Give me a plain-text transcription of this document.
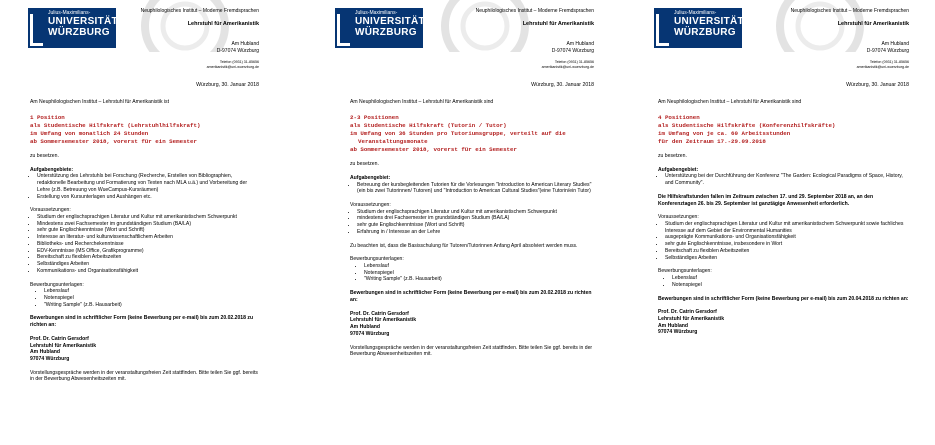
Julius-Maximilians-
UNIVERSITÄT
WÜRZBURG
Neuphilologisches Institut – Moderne Fremdsprachen
Lehrstuhl für Amerikanistik
Am Hubland
D-97074 Würzburg
Telefon (0931) 31-85656
amerikanistik@uni-wuerzburg.de
Würzburg, 30. Januar 2018
Am Neuphilologischen Institut – Lehrstuhl für Amerikanistik ist
1 Position
als Studentische Hilfskraft (Lehrstuhlhilfskraft)
im Umfang von monatlich 24 Stunden
ab Sommersemester 2018, vorerst für ein Semester
zu besetzen.
Aufgabengebiete:
• Unterstützung des Lehrstuhls bei Forschung (Recherche, Erstellen von Bibliographien, redaktionelle Bearbeitung und Formatierung von Texten nach MLA u.ä.) und Vorbereitung der Lehre (z.B. Betreuung von WueCampus-Kursräumen)
• Erstellung von Kursunterlagen und Aushängen etc.
Voraussetzungen:
• Studium der englischsprachigen Literatur und Kultur mit amerikanistischem Schwerpunkt
• Mindestens zwei Fachsemester im grundständigen Studium (BA/LA)
• sehr gute Englischkenntnisse (Wort und Schrift)
• Interesse an literatur- und kulturwissenschaftlichem Arbeiten
• Bibliotheks- und Recherchekenntnisse
• EDV-Kenntnisse (MS Office, Grafikprogramme)
• Bereitschaft zu flexiblen Arbeitszeiten
• Selbständiges Arbeiten
• Kommunikations- und Organisationsfähigkeit
Bewerbungsunterlagen:
• Lebenslauf
• Notenspiegel
• "Writing Sample" (z.B. Hausarbeit)
Bewerbungen sind in schriftlicher Form (keine Bewerbung per e-mail) bis zum 20.02.2018 zu richten an:
Prof. Dr. Catrin Gersdorf
Lehrstuhl für Amerikanistik
Am Hubland
97074 Würzburg
Vorstellungsgespräche werden in der veranstaltungsfreien Zeit stattfinden. Bitte teilen Sie ggf. bereits in der Bewerbung Abwesenheitszeiten mit.
Julius-Maximilians-
UNIVERSITÄT
WÜRZBURG
Neuphilologisches Institut – Moderne Fremdsprachen
Lehrstuhl für Amerikanistik
Am Hubland
D-97074 Würzburg
Telefon (0931) 31-85656
amerikanistik@uni-wuerzburg.de
Würzburg, 30. Januar 2018
Am Neuphilologischen Institut – Lehrstuhl für Amerikanistik sind
2-3 Positionen
als Studentische Hilfskraft (Tutorin / Tutor)
im Umfang von 36 Stunden pro Tutoriumsgruppe, verteilt auf die
Veranstaltungsmonate
ab Sommersemester 2018, vorerst für ein Semester
zu besetzen.
Aufgabengebiet:
• Betreuung der kursbegleitenden Tutorien für die Vorlesungen "Introduction to American Literary Studies" (ein bis zwei Tutorinnen/ Tutoren) und "Introduction to American Cultural Studies"(eine Tutorin/ein Tutor)
Voraussetzungen:
• Studium der englischsprachigen Literatur und Kultur mit amerikanistischem Schwerpunkt
• mindestens drei Fachsemester im grundständigen Studium (BA/LA)
• sehr gute Englischkenntnisse (Wort und Schrift)
• Erfahrung in / Interesse an der Lehre
Zu beachten ist, dass die Basisschulung für Tutoren/Tutorinnen Anfang April absolviert werden muss.
Bewerbungsunterlagen:
• Lebenslauf
• Notenspiegel
• "Writing Sample" (z.B. Hausarbeit)
Bewerbungen sind in schriftlicher Form (keine Bewerbung per e-mail) bis zum 20.02.2018 zu richten an:
Prof. Dr. Catrin Gersdorf
Lehrstuhl für Amerikanistik
Am Hubland
97074 Würzburg
Vorstellungsgespräche werden in der veranstaltungsfreien Zeit stattfinden. Bitte teilen Sie ggf. bereits in der Bewerbung Abwesenheitszeiten mit.
Julius-Maximilians-
UNIVERSITÄT
WÜRZBURG
Neuphilologisches Institut – Moderne Fremdsprachen
Lehrstuhl für Amerikanistik
Am Hubland
D-97074 Würzburg
Telefon (0931) 31-85656
amerikanistik@uni-wuerzburg.de
Würzburg, 30. Januar 2018
Am Neuphilologischen Institut – Lehrstuhl für Amerikanistik sind
4 Positionen
als Studentische Hilfskräfte (Konferenzhilfskräfte)
im Umfang von je ca. 60 Arbeitsstunden
für den Zeitraum 17.-29.09.2018
zu besetzen.
Aufgabengebiet:
• Unterstützung bei der Durchführung der Konferenz "The Garden: Ecological Paradigms of Space, History, and Community".
Die Hilfskraftstunden fallen im Zeitraum zwischen 17. und 29. September 2018 an, an den Konferenztagen 26. bis 29. September ist ganztägige Anwesenheit erforderlich.
Voraussetzungen:
• Studium der englischsprachigen Literatur und Kultur mit amerikanistischem Schwerpunkt sowie fachliches Interesse auf dem Gebiet der Environmental Humanities
• ausgeprägte Kommunikations- und Organisationsfähigkeit
• sehr gute Englischkenntnisse, insbesondere in Wort
• Bereitschaft zu flexiblen Arbeitszeiten
• Selbständiges Arbeiten
Bewerbungsunterlagen:
• Lebenslauf
• Notenspiegel
Bewerbungen sind in schriftlicher Form (keine Bewerbung per e-mail) bis zum 20.04.2018 zu richten an:
Prof. Dr. Catrin Gersdorf
Lehrstuhl für Amerikanistik
Am Hubland
97074 Würzburg
